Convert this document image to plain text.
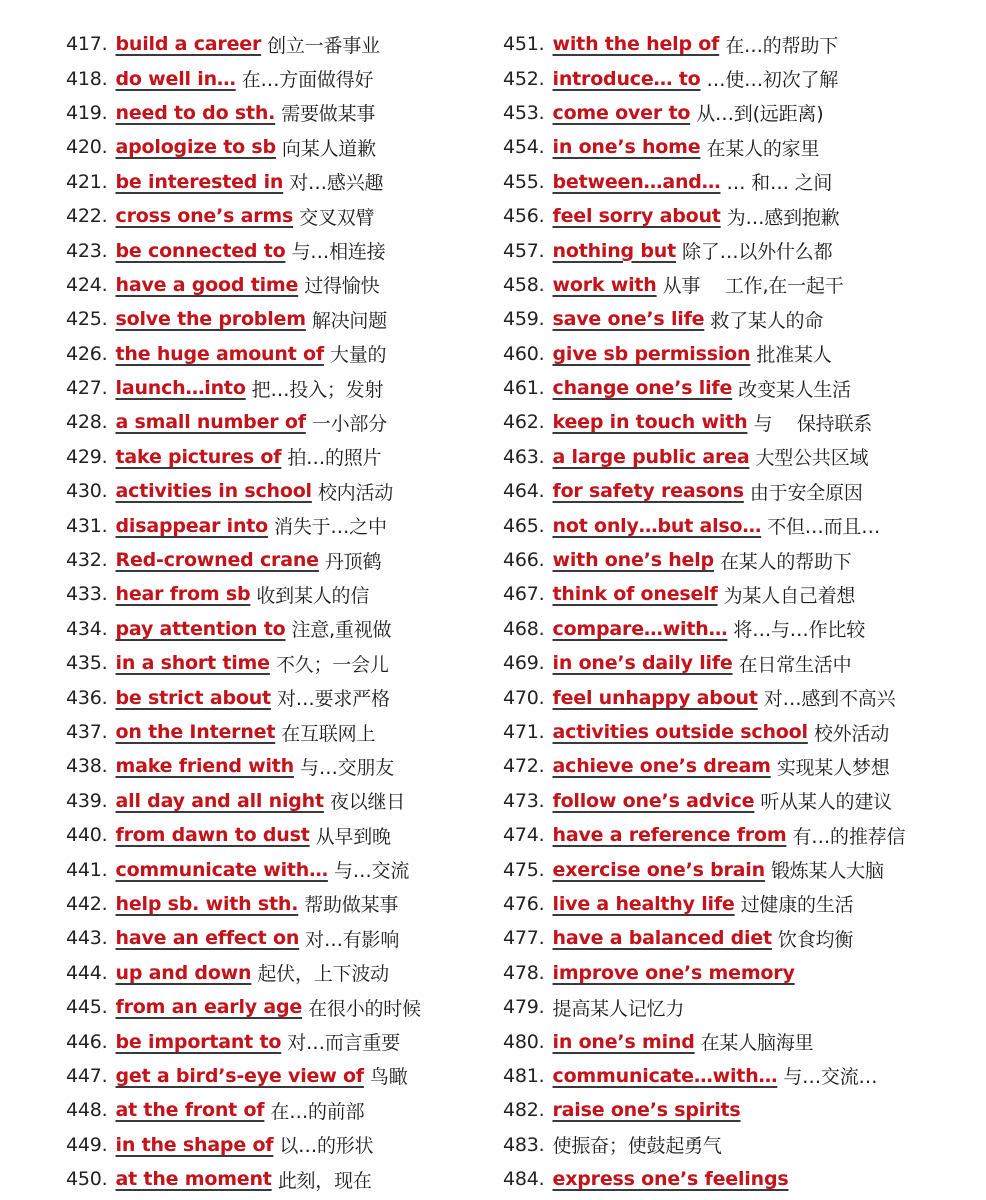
417. build a career 创立一番事业
418. do well in… 在…方面做得好
419. need to do sth. 需要做某事
420. apologize to sb 向某人道歉
421. be interested in 对…感兴趣
422. cross one’s arms 交叉双臂
423. be connected to 与…相连接
424. have a good time 过得愉快
425. solve the problem 解决问题
426. the huge amount of 大量的
427. launch…into 把…投入；发射
428. a small number of 一小部分
429. take pictures of 拍…的照片
430. activities in school 校内活动
431. disappear into 消失于…之中
432. Red-crowned crane 丹顶鹤
433. hear from sb 收到某人的信
434. pay attention to 注意,重视做
435. in a short time 不久；一会儿
436. be strict about 对…要求严格
437. on the Internet 在互联网上
438. make friend with 与…交朋友
439. all day and all night 夜以继日
440. from dawn to dust 从早到晚
441. communicate with… 与…交流
442. help sb. with sth. 帮助做某事
443. have an effect on 对…有影响
444. up and down 起伏，上下波动
445. from an early age 在很小的时候
446. be important to 对…而言重要
447. get a bird’s-eye view of 鸟瞰
448. at the front of 在…的前部
449. in the shape of 以…的形状
450. at the moment 此刻，现在
451. with the help of 在…的帮助下
452. introduce… to …使…初次了解
453. come over to 从…到(远距离)
454. in one’s home 在某人的家里
455. between…and… … 和… 之间
456. feel sorry about 为…感到抱歉
457. nothing but 除了…以外什么都
458. work with 从事　 工作,在一起干
459. save one’s life 救了某人的命
460. give sb permission 批准某人
461. change one’s life 改变某人生活
462. keep in touch with 与　 保持联系
463. a large public area 大型公共区域
464. for safety reasons 由于安全原因
465. not only…but also… 不但…而且…
466. with one’s help 在某人的帮助下
467. think of oneself 为某人自己着想
468. compare…with… 将…与…作比较
469. in one’s daily life 在日常生活中
470. feel unhappy about 对…感到不高兴
471. activities outside school 校外活动
472. achieve one’s dream 实现某人梦想
473. follow one’s advice 听从某人的建议
474. have a reference from 有…的推荐信
475. exercise one’s brain 锻炼某人大脑
476. live a healthy life 过健康的生活
477. have a balanced diet 饮食均衡
478. improve one’s memory
479. 提高某人记忆力
480. in one’s mind 在某人脑海里
481. communicate…with… 与…交流…
482. raise one’s spirits
483. 使振奋；使鼓起勇气
484. express one’s feelings
